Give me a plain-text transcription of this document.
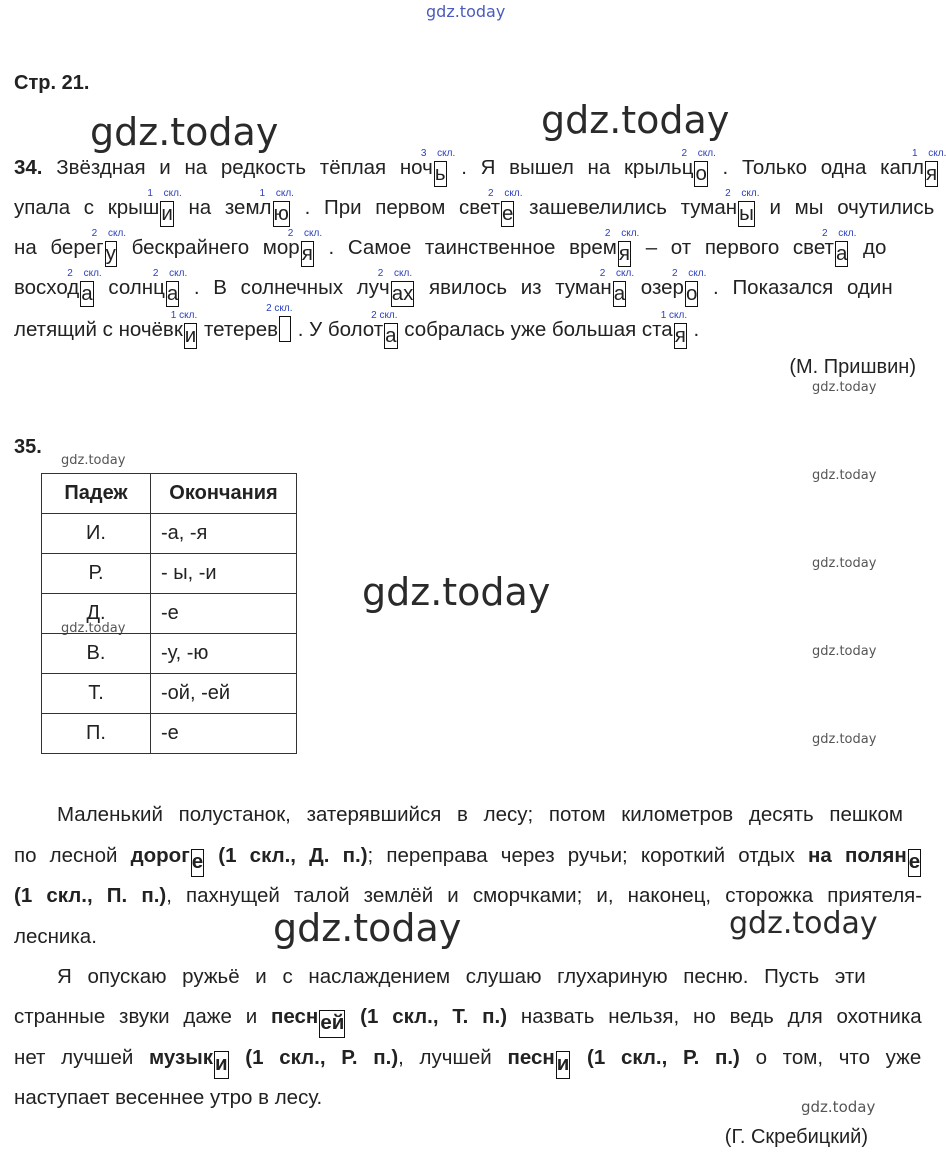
gdz.today
gdz.today	gdz.today
gdz.today
gdz.today	gdz.today
gdz.today
gdz.today
gdz.today
gdz.today
gdz.today
gdz.today
gdz.today
gdz.today
Стр. 21.
34. Звёздная и на редкость тёплая ночь
3 скл.
. Я вышел на крыльцо
2 скл.
. Только одна капля
1 скл.
упала с крыши
1 скл.
на землю
1 скл.
. При первом свете
2 скл.
зашевелились туманы
2 скл.
и мы очутились
на берегу
2 скл.
бескрайнего моря
2 скл.
. Самое таинственное время
2 скл.
– от первого света
2 скл.
до
восхода
2 скл.
солнца
2 скл.
. В солнечных лучах
2 скл.
явилось из тумана
2 скл.
озеро
2 скл.
. Показался один
летящий с ночёвки
1 скл.
тетерев
2 скл.
. У болота
2 скл.
собралась уже большая стая
1 скл.
.
(М. Пришвин)
35.
Падеж	Окончания
И.	-а, -я
Р.	- ы, -и
Д.	-е
В.	-у, -ю
Т.	-ой, -ей
П.	-е
Маленький полустанок, затерявшийся в лесу; потом километров десять пешком
по лесной дороге (1 скл., Д. п.); переправа через ручьи; короткий отдых на поляне
(1 скл., П. п.), пахнущей талой землёй и сморчками; и, наконец, сторожка приятеля-
лесника.
Я опускаю ружьё и с наслаждением слушаю глухариную песню. Пусть эти
странные звуки даже и песней (1 скл., Т. п.) назвать нельзя, но ведь для охотника
нет лучшей музыки (1 скл., Р. п.), лучшей песни (1 скл., Р. п.) о том, что уже
наступает весеннее утро в лесу.
(Г. Скребицкий)
